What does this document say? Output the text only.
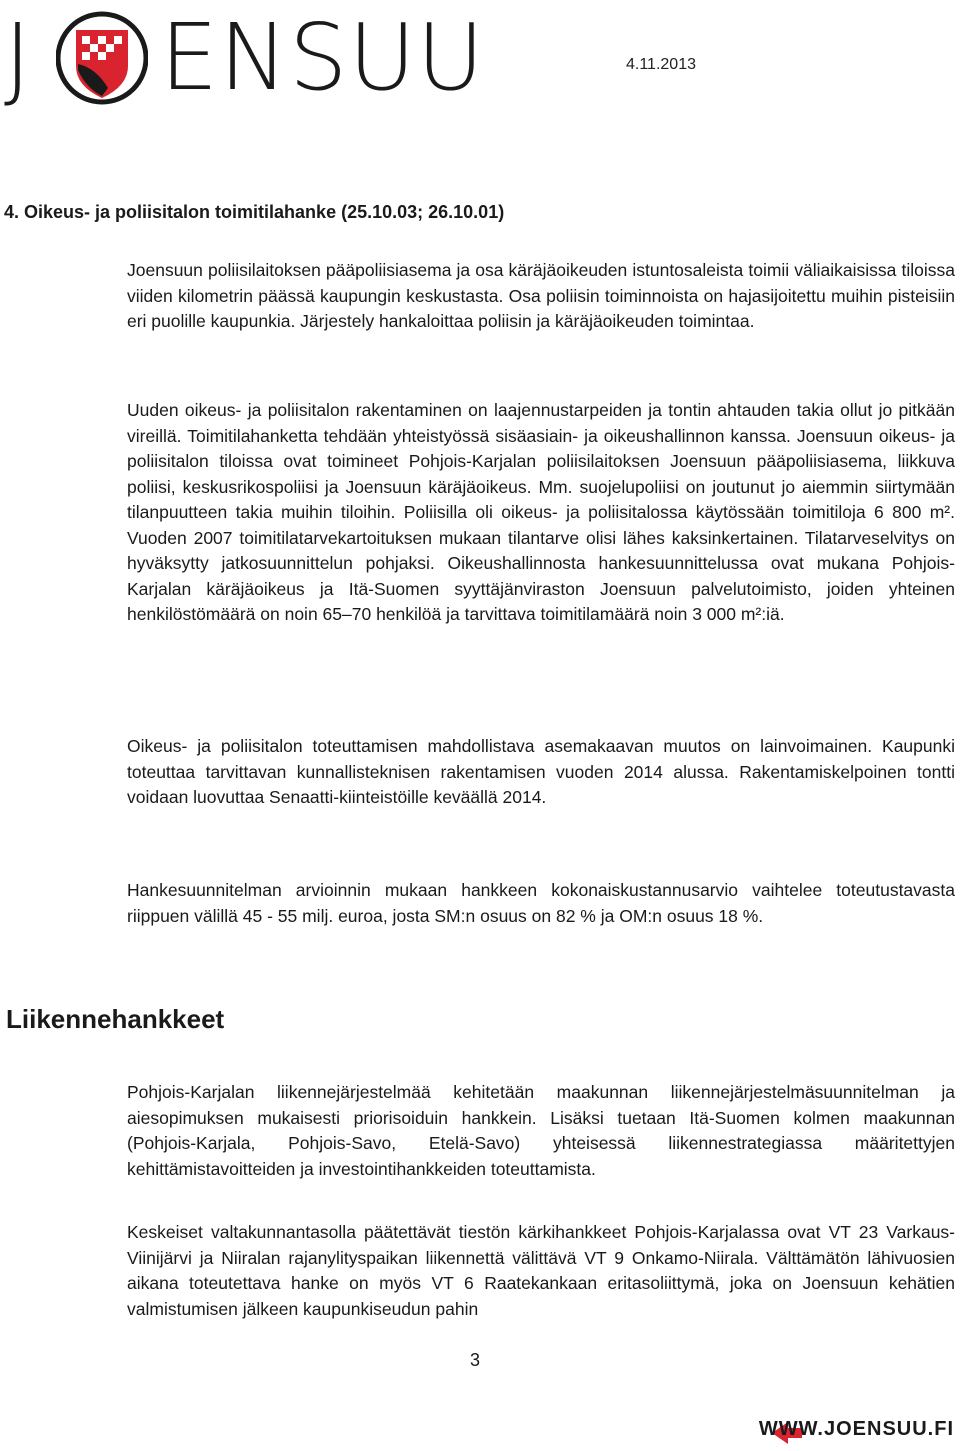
J ENSUU	4.11.2013
4. Oikeus- ja poliisitalon toimitilahanke (25.10.03; 26.10.01)

Joensuun poliisilaitoksen pääpoliisiasema ja osa käräjäoikeuden istuntosaleista toimii väliaikaisissa tiloissa viiden kilometrin päässä kaupungin keskustasta. Osa poliisin toiminnoista on hajasijoitettu muihin pisteisiin eri puolille kaupunkia. Järjestely hankaloittaa poliisin ja käräjäoikeuden toimintaa.

Uuden oikeus- ja poliisitalon rakentaminen on laajennustarpeiden ja tontin ahtauden takia ollut jo pitkään vireillä. Toimitilahanketta tehdään yhteistyössä sisäasiain- ja oikeushallinnon kanssa. Joensuun oikeus- ja poliisitalon tiloissa ovat toimineet Pohjois-Karjalan poliisilaitoksen Joensuun pääpoliisiasema, liikkuva poliisi, keskusrikospoliisi ja Joensuun käräjäoikeus. Mm. suojelupoliisi on joutunut jo aiemmin siirtymään tilanpuutteen takia muihin tiloihin. Poliisilla oli oikeus- ja poliisitalossa käytössään toimitiloja 6 800 m². Vuoden 2007 toimitilatarvekartoituksen mukaan tilantarve olisi lähes kaksinkertainen. Tilatarveselvitys on hyväksytty jatkosuunnittelun pohjaksi. Oikeushallinnosta hankesuunnittelussa ovat mukana Pohjois-Karjalan käräjäoikeus ja Itä-Suomen syyttäjänviraston Joensuun palvelutoimisto, joiden yhteinen henkilöstömäärä on noin 65–70 henkilöä ja tarvittava toimitilamäärä noin 3 000 m²:iä.

Oikeus- ja poliisitalon toteuttamisen mahdollistava asemakaavan muutos on lainvoimainen. Kaupunki toteuttaa tarvittavan kunnallisteknisen rakentamisen vuoden 2014 alussa. Rakentamiskelpoinen tontti voidaan luovuttaa Senaatti-kiinteistöille keväällä 2014.

Hankesuunnitelman arvioinnin mukaan hankkeen kokonaiskustannusarvio vaihtelee toteutustavasta riippuen välillä 45 - 55 milj. euroa, josta SM:n osuus on 82 % ja OM:n osuus 18 %.

Liikennehankkeet

Pohjois-Karjalan liikennejärjestelmää kehitetään maakunnan liikennejärjestelmäsuunnitelman ja aiesopimuksen mukaisesti priorisoiduin hankkein. Lisäksi tuetaan Itä-Suomen kolmen maakunnan (Pohjois-Karjala, Pohjois-Savo, Etelä-Savo) yhteisessä liikennestrategiassa määritettyjen kehittämistavoitteiden ja investointihankkeiden toteuttamista.

Keskeiset valtakunnantasolla päätettävät tiestön kärkihankkeet Pohjois-Karjalassa ovat VT 23 Varkaus-Viinijärvi ja Niiralan rajanylityspaikan liikennettä välittävä VT 9 Onkamo-Niirala. Välttämätön lähivuosien aikana toteutettava hanke on myös VT 6 Raatekankaan eritasoliittymä, joka on Joensuun kehätien valmistumisen jälkeen kaupunkiseudun pahin

3
WWW.JOENSUU.FI
